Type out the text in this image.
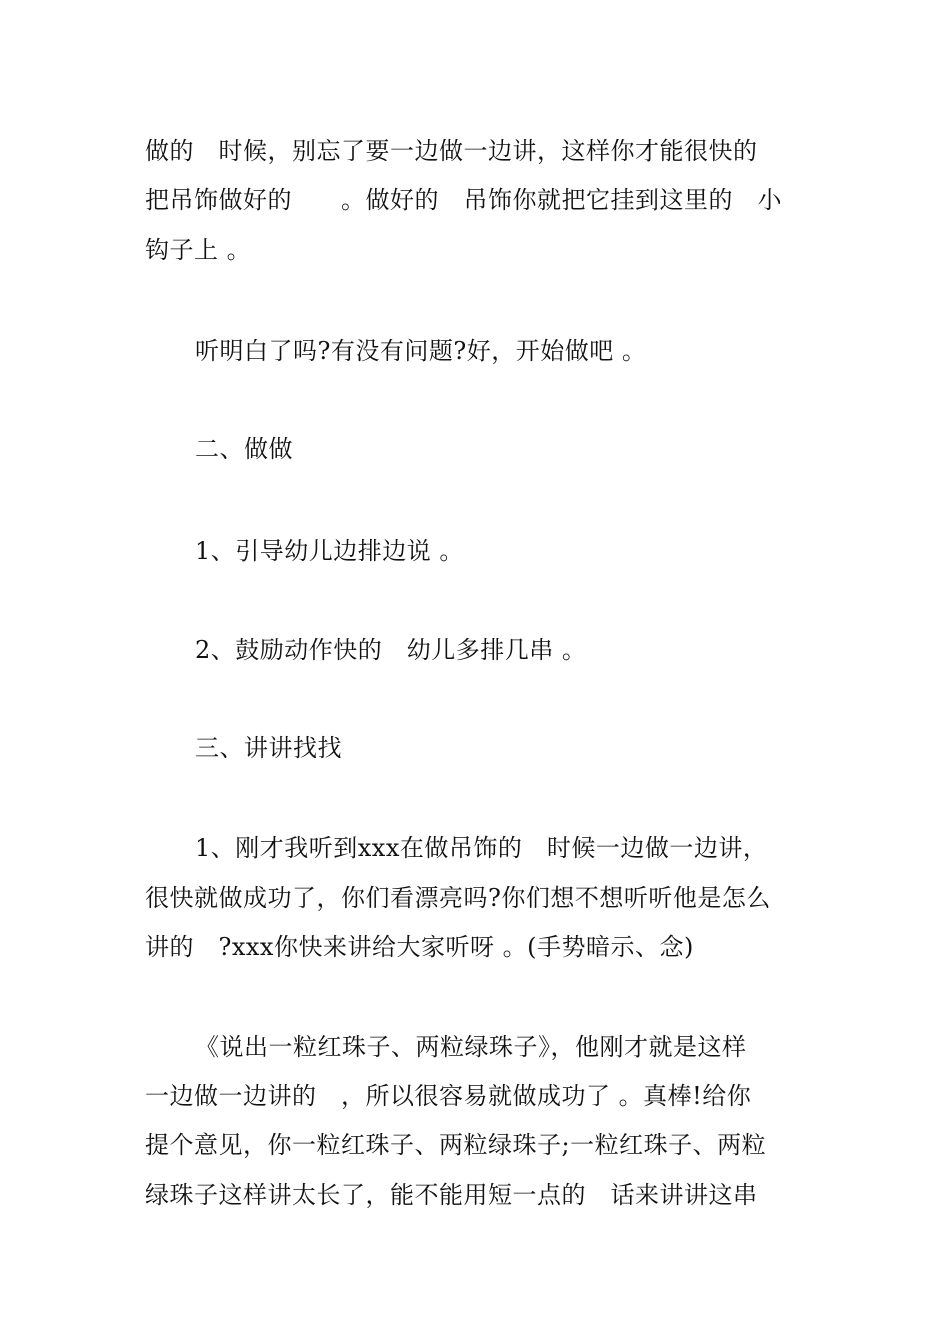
做的　时候，别忘了要一边做一边讲，这样你才能很快的
把吊饰做好的　　。做好的　吊饰你就把它挂到这里的　小
钩子上 。
听明白了吗?有没有问题?好，开始做吧 。
二、做做
1、引导幼儿边排边说 。
2、鼓励动作快的　幼儿多排几串 。
三、讲讲找找
1、刚才我听到xxx在做吊饰的　时候一边做一边讲，
很快就做成功了，你们看漂亮吗?你们想不想听听他是怎么
讲的　?xxx你快来讲给大家听呀 。(手势暗示、念)
《说出一粒红珠子、两粒绿珠子》，他刚才就是这样
一边做一边讲的　，所以很容易就做成功了 。真棒!给你
提个意见，你一粒红珠子、两粒绿珠子;一粒红珠子、两粒
绿珠子这样讲太长了，能不能用短一点的　话来讲讲这串
